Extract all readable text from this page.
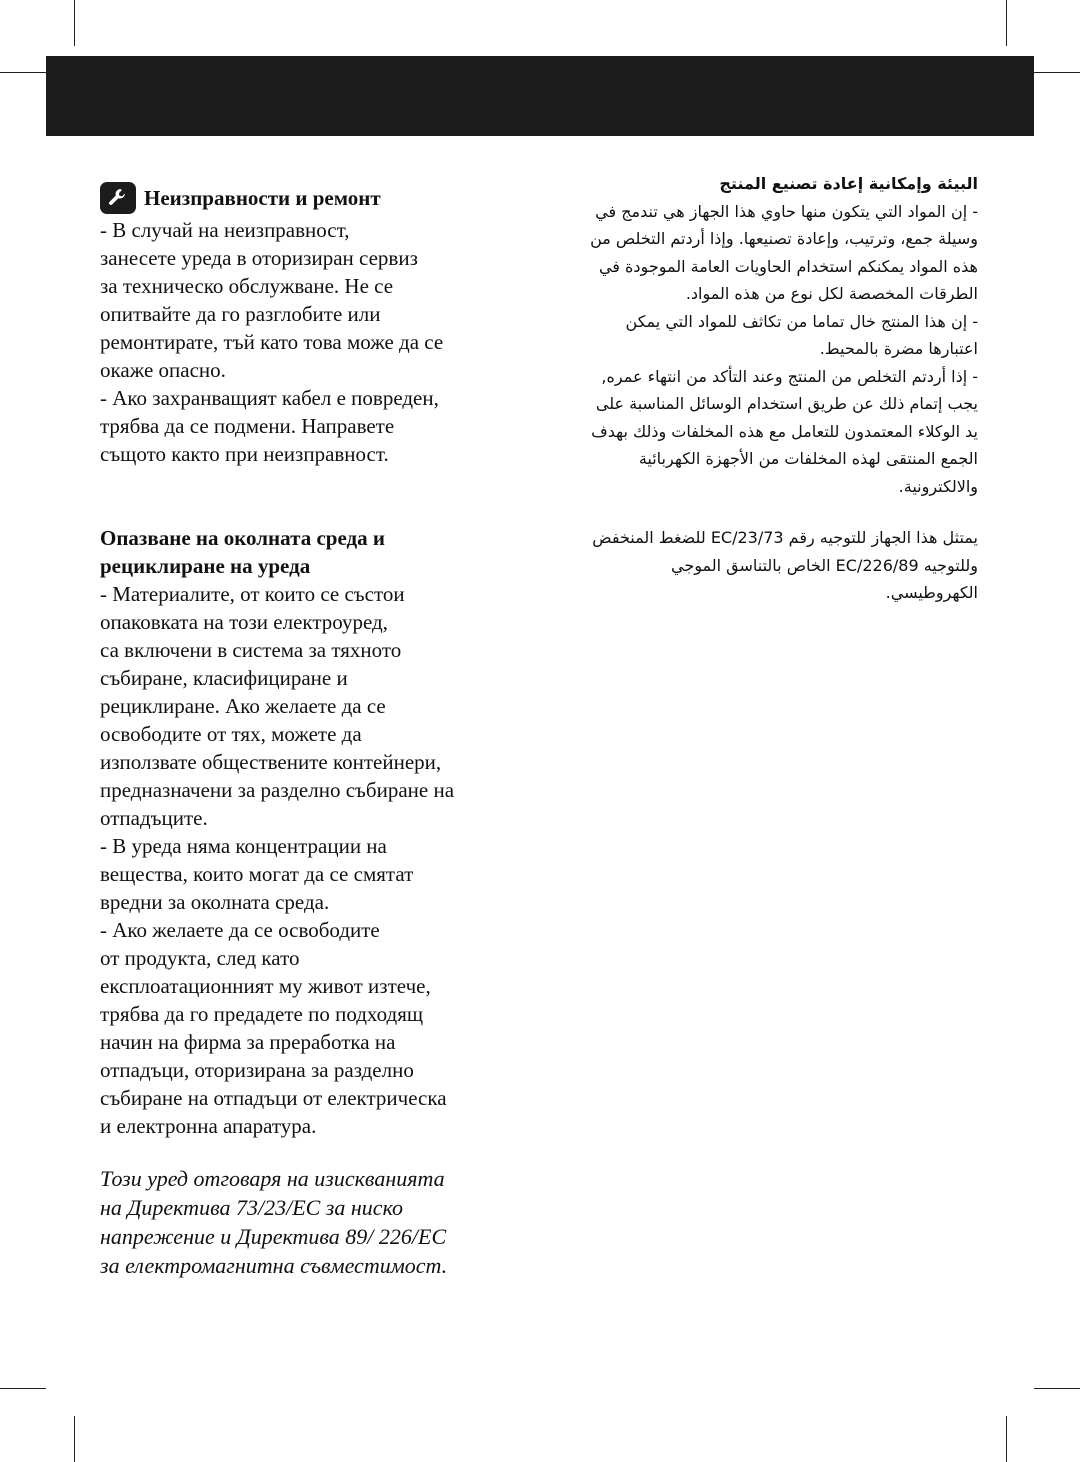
Неизправности и ремонт

- В случай на неизправност,
занесете уреда в оторизиран сервиз
за техническо обслужване. Не се
опитвайте да го разглобите или
ремонтирате, тъй като това може да се
окаже опасно.

- Ако захранващият кабел е повреден,
трябва да се подмени. Направете
същото както при неизправност.

Опазване на околната среда и
рециклиране на уреда

- Материалите, от които се състои
опаковката на този електроуред,
са включени в система за тяхното
събиране, класифициране и
рециклиране. Ако желаете да се
освободите от тях, можете да
използвате обществените контейнери,
предназначени за разделно събиране на
отпадъците.

- В уреда няма концентрации на
вещества, които могат да се смятат
вредни за околната среда.

- Ако желаете да се освободите
от продукта, след като
експлоатационният му живот изтече,
трябва да го предадете по подходящ
начин на фирма за преработка на
отпадъци, оторизирана за разделно
събиране на отпадъци от електрическа
и електронна апаратура.

Този уред отговаря на изискванията
на Директива 73/23/EC за ниско
напрежение и Директива 89/ 226/EC
за електромагнитна съвместимост.

البيئة وإمكانية إعادة تصنيع المنتج

- إن المواد التي يتكون منها حاوي هذا الجهاز هي تندمج في وسيلة جمع، وترتيب، وإعادة تصنيعها. وإذا أردتم التخلص من هذه المواد يمكنكم استخدام الحاويات العامة الموجودة في الطرقات المخصصة لكل نوع من هذه المواد.

- إن هذا المنتج خال تماما من تكاثف للمواد التي يمكن اعتبارها مضرة بالمحيط.

- إذا أردتم التخلص من المنتج وعند التأكد من انتهاء عمره, يجب إتمام ذلك عن طريق استخدام الوسائل المناسبة على يد الوكلاء المعتمدون للتعامل مع هذه المخلفات وذلك بهدف الجمع المنتقى لهذه المخلفات من الأجهزة الكهربائية والالكترونية.

يمتثل هذا الجهاز للتوجيه رقم EC/23/73 للضغط المنخفض وللتوجيه EC/226/89 الخاص بالتناسق الموجي الكهروطيسي.
